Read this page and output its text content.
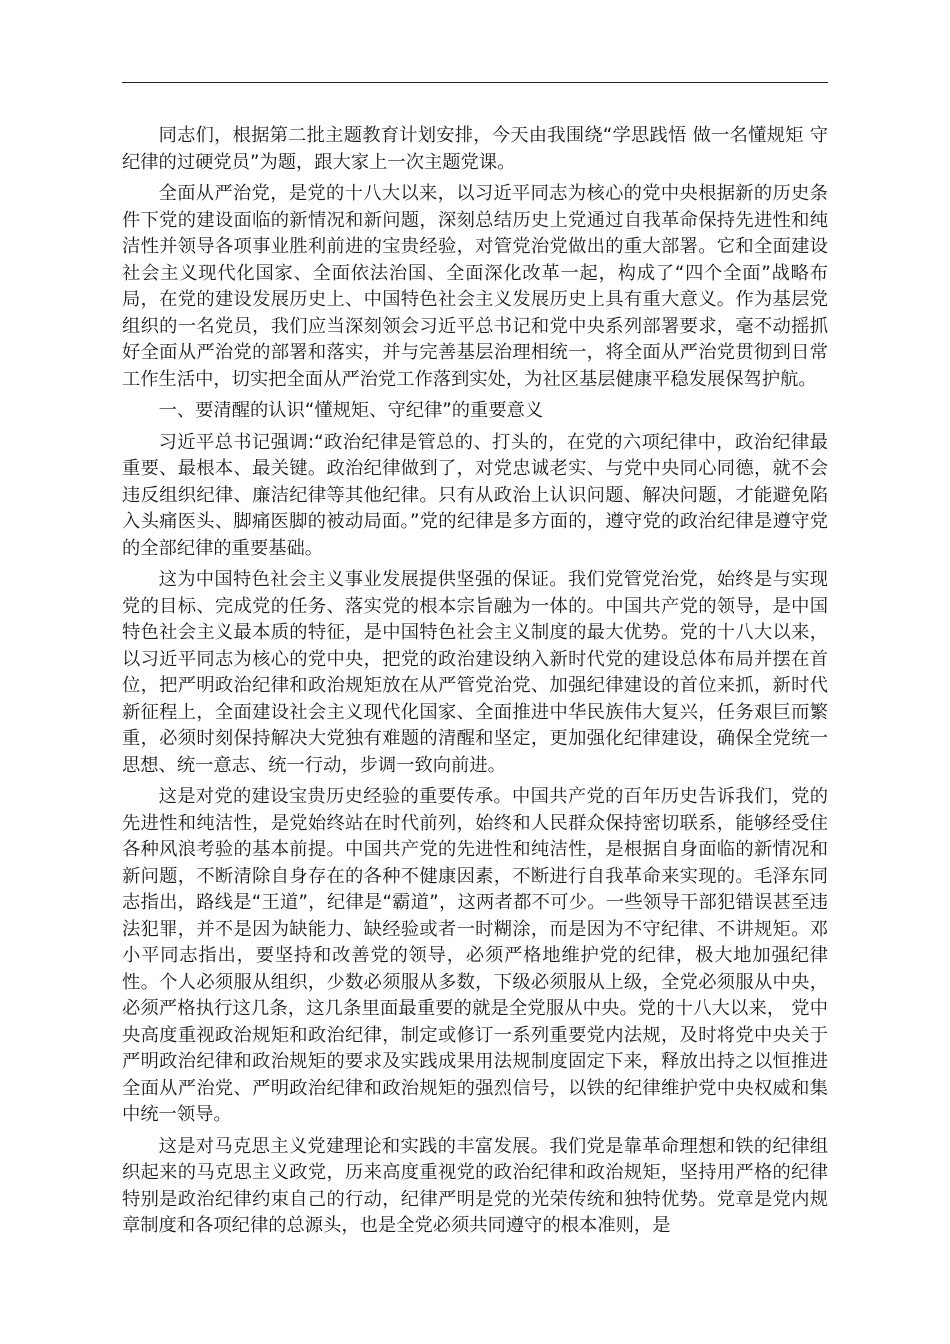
同志们，根据第二批主题教育计划安排，今天由我围绕“学思践悟 做一名懂规矩 守纪律的过硬党员”为题，跟大家上一次主题党课。

全面从严治党，是党的十八大以来，以习近平同志为核心的党中央根据新的历史条件下党的建设面临的新情况和新问题，深刻总结历史上党通过自我革命保持先进性和纯洁性并领导各项事业胜利前进的宝贵经验，对管党治党做出的重大部署。它和全面建设社会主义现代化国家、全面依法治国、全面深化改革一起，构成了“四个全面”战略布局，在党的建设发展历史上、中国特色社会主义发展历史上具有重大意义。作为基层党组织的一名党员，我们应当深刻领会习近平总书记和党中央系列部署要求，毫不动摇抓好全面从严治党的部署和落实，并与完善基层治理相统一，将全面从严治党贯彻到日常工作生活中，切实把全面从严治党工作落到实处，为社区基层健康平稳发展保驾护航。

一、要清醒的认识“懂规矩、守纪律”的重要意义

习近平总书记强调:“政治纪律是管总的、打头的，在党的六项纪律中，政治纪律最重要、最根本、最关键。政治纪律做到了，对党忠诚老实、与党中央同心同德，就不会违反组织纪律、廉洁纪律等其他纪律。只有从政治上认识问题、解决问题，才能避免陷入头痛医头、脚痛医脚的被动局面。”党的纪律是多方面的，遵守党的政治纪律是遵守党的全部纪律的重要基础。

这为中国特色社会主义事业发展提供坚强的保证。我们党管党治党，始终是与实现党的目标、完成党的任务、落实党的根本宗旨融为一体的。中国共产党的领导，是中国特色社会主义最本质的特征，是中国特色社会主义制度的最大优势。党的十八大以来，以习近平同志为核心的党中央，把党的政治建设纳入新时代党的建设总体布局并摆在首位，把严明政治纪律和政治规矩放在从严管党治党、加强纪律建设的首位来抓，新时代新征程上，全面建设社会主义现代化国家、全面推进中华民族伟大复兴，任务艰巨而繁重，必须时刻保持解决大党独有难题的清醒和坚定，更加强化纪律建设，确保全党统一思想、统一意志、统一行动，步调一致向前进。

这是对党的建设宝贵历史经验的重要传承。中国共产党的百年历史告诉我们，党的先进性和纯洁性，是党始终站在时代前列，始终和人民群众保持密切联系，能够经受住各种风浪考验的基本前提。中国共产党的先进性和纯洁性，是根据自身面临的新情况和新问题，不断清除自身存在的各种不健康因素，不断进行自我革命来实现的。毛泽东同志指出，路线是“王道”，纪律是“霸道”，这两者都不可少。一些领导干部犯错误甚至违法犯罪，并不是因为缺能力、缺经验或者一时糊涂，而是因为不守纪律、不讲规矩。邓小平同志指出，要坚持和改善党的领导，必须严格地维护党的纪律，极大地加强纪律性。个人必须服从组织，少数必须服从多数，下级必须服从上级，全党必须服从中央，必须严格执行这几条，这几条里面最重要的就是全党服从中央。党的十八大以来， 党中央高度重视政治规矩和政治纪律，制定或修订一系列重要党内法规，及时将党中央关于严明政治纪律和政治规矩的要求及实践成果用法规制度固定下来，释放出持之以恒推进全面从严治党、严明政治纪律和政治规矩的强烈信号，以铁的纪律维护党中央权威和集中统一领导。

这是对马克思主义党建理论和实践的丰富发展。我们党是靠革命理想和铁的纪律组织起来的马克思主义政党，历来高度重视党的政治纪律和政治规矩，坚持用严格的纪律特别是政治纪律约束自己的行动，纪律严明是党的光荣传统和独特优势。党章是党内规章制度和各项纪律的总源头，也是全党必须共同遵守的根本准则，是
